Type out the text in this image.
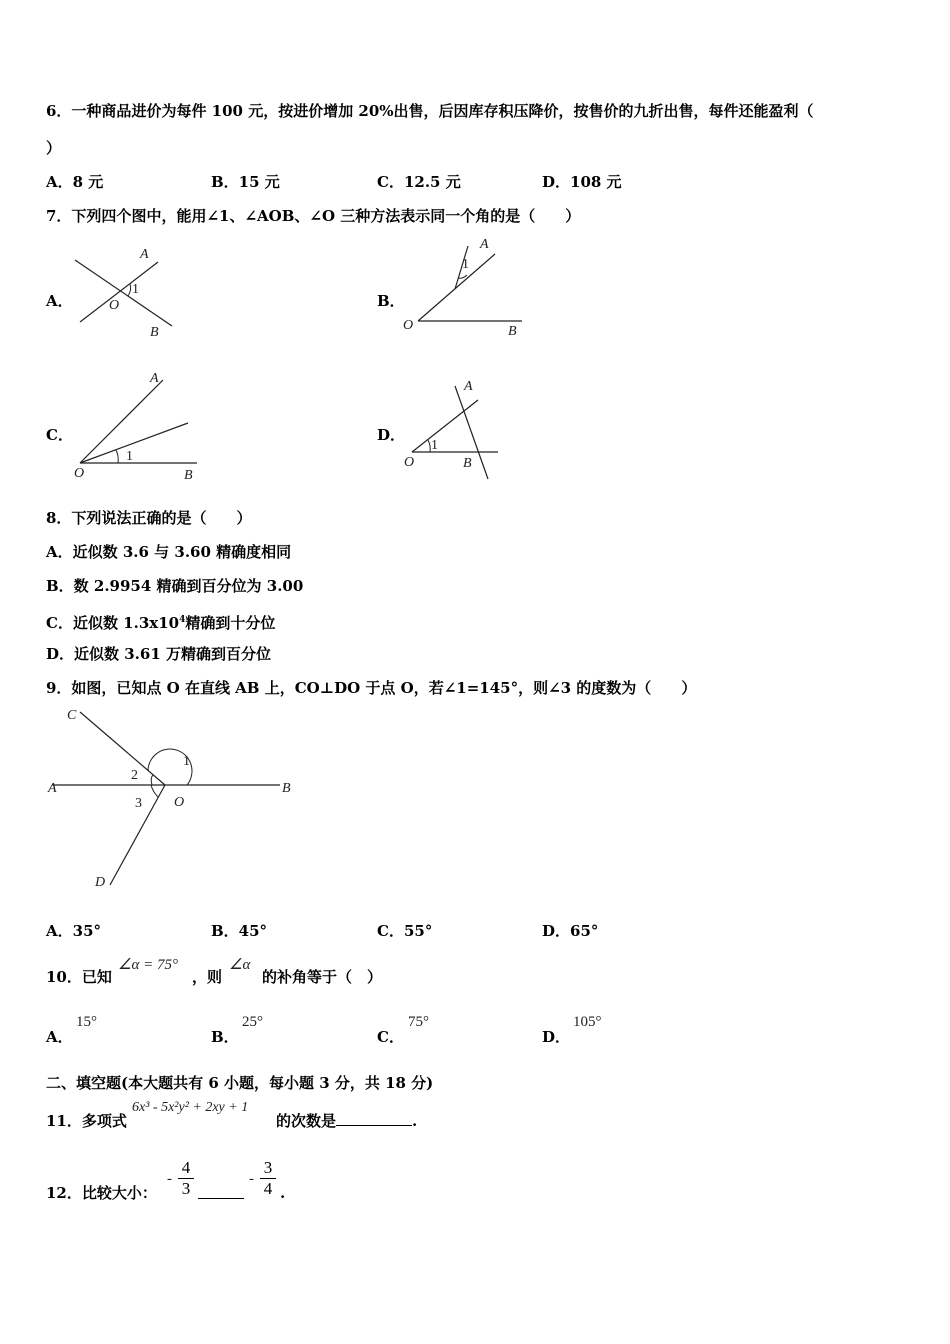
6．一种商品进价为每件 100 元，按进价增加 20%出售，后因库存积压降价，按售价的九折出售，每件还能盈利（
）
A．8 元	B．15 元	C．12.5 元	D．108 元
7．下列四个图中，能用∠1、∠AOB、∠O 三种方法表示同一个角的是（　　）
A．
A
1
O
B
B．
A
1
O	B
C．
A
1
O	B
D．
A
1
O	B
8．下列说法正确的是（　　）
A．近似数 3.6 与 3.60 精确度相同
B．数 2.9954 精确到百分位为 3.00
C．近似数 $1.3x10^4$精确到十分位
D．近似数 3.61 万精确到百分位
9．如图，已知点 O 在直线 AB 上，CO⊥DO 于点 O，若∠1=145°，则∠3 的度数为（　　）
C
1
2
A	B
3 O
D
A．35°	B．45°	C．55°	D．65°
10．已知
∠α = 75°
，则
∠α
的补角等于（　）
A．
15°
B．
25°
C．
75°
D．
105°
二、填空题(本大题共有 6 小题，每小题 3 分，共 18 分)
11．多项式
6x³ - 5x²y² + 2xy + 1
的次数是	.
12．比较大小：
- $\frac{4}{3}$	- $\frac{3}{4}$ .
